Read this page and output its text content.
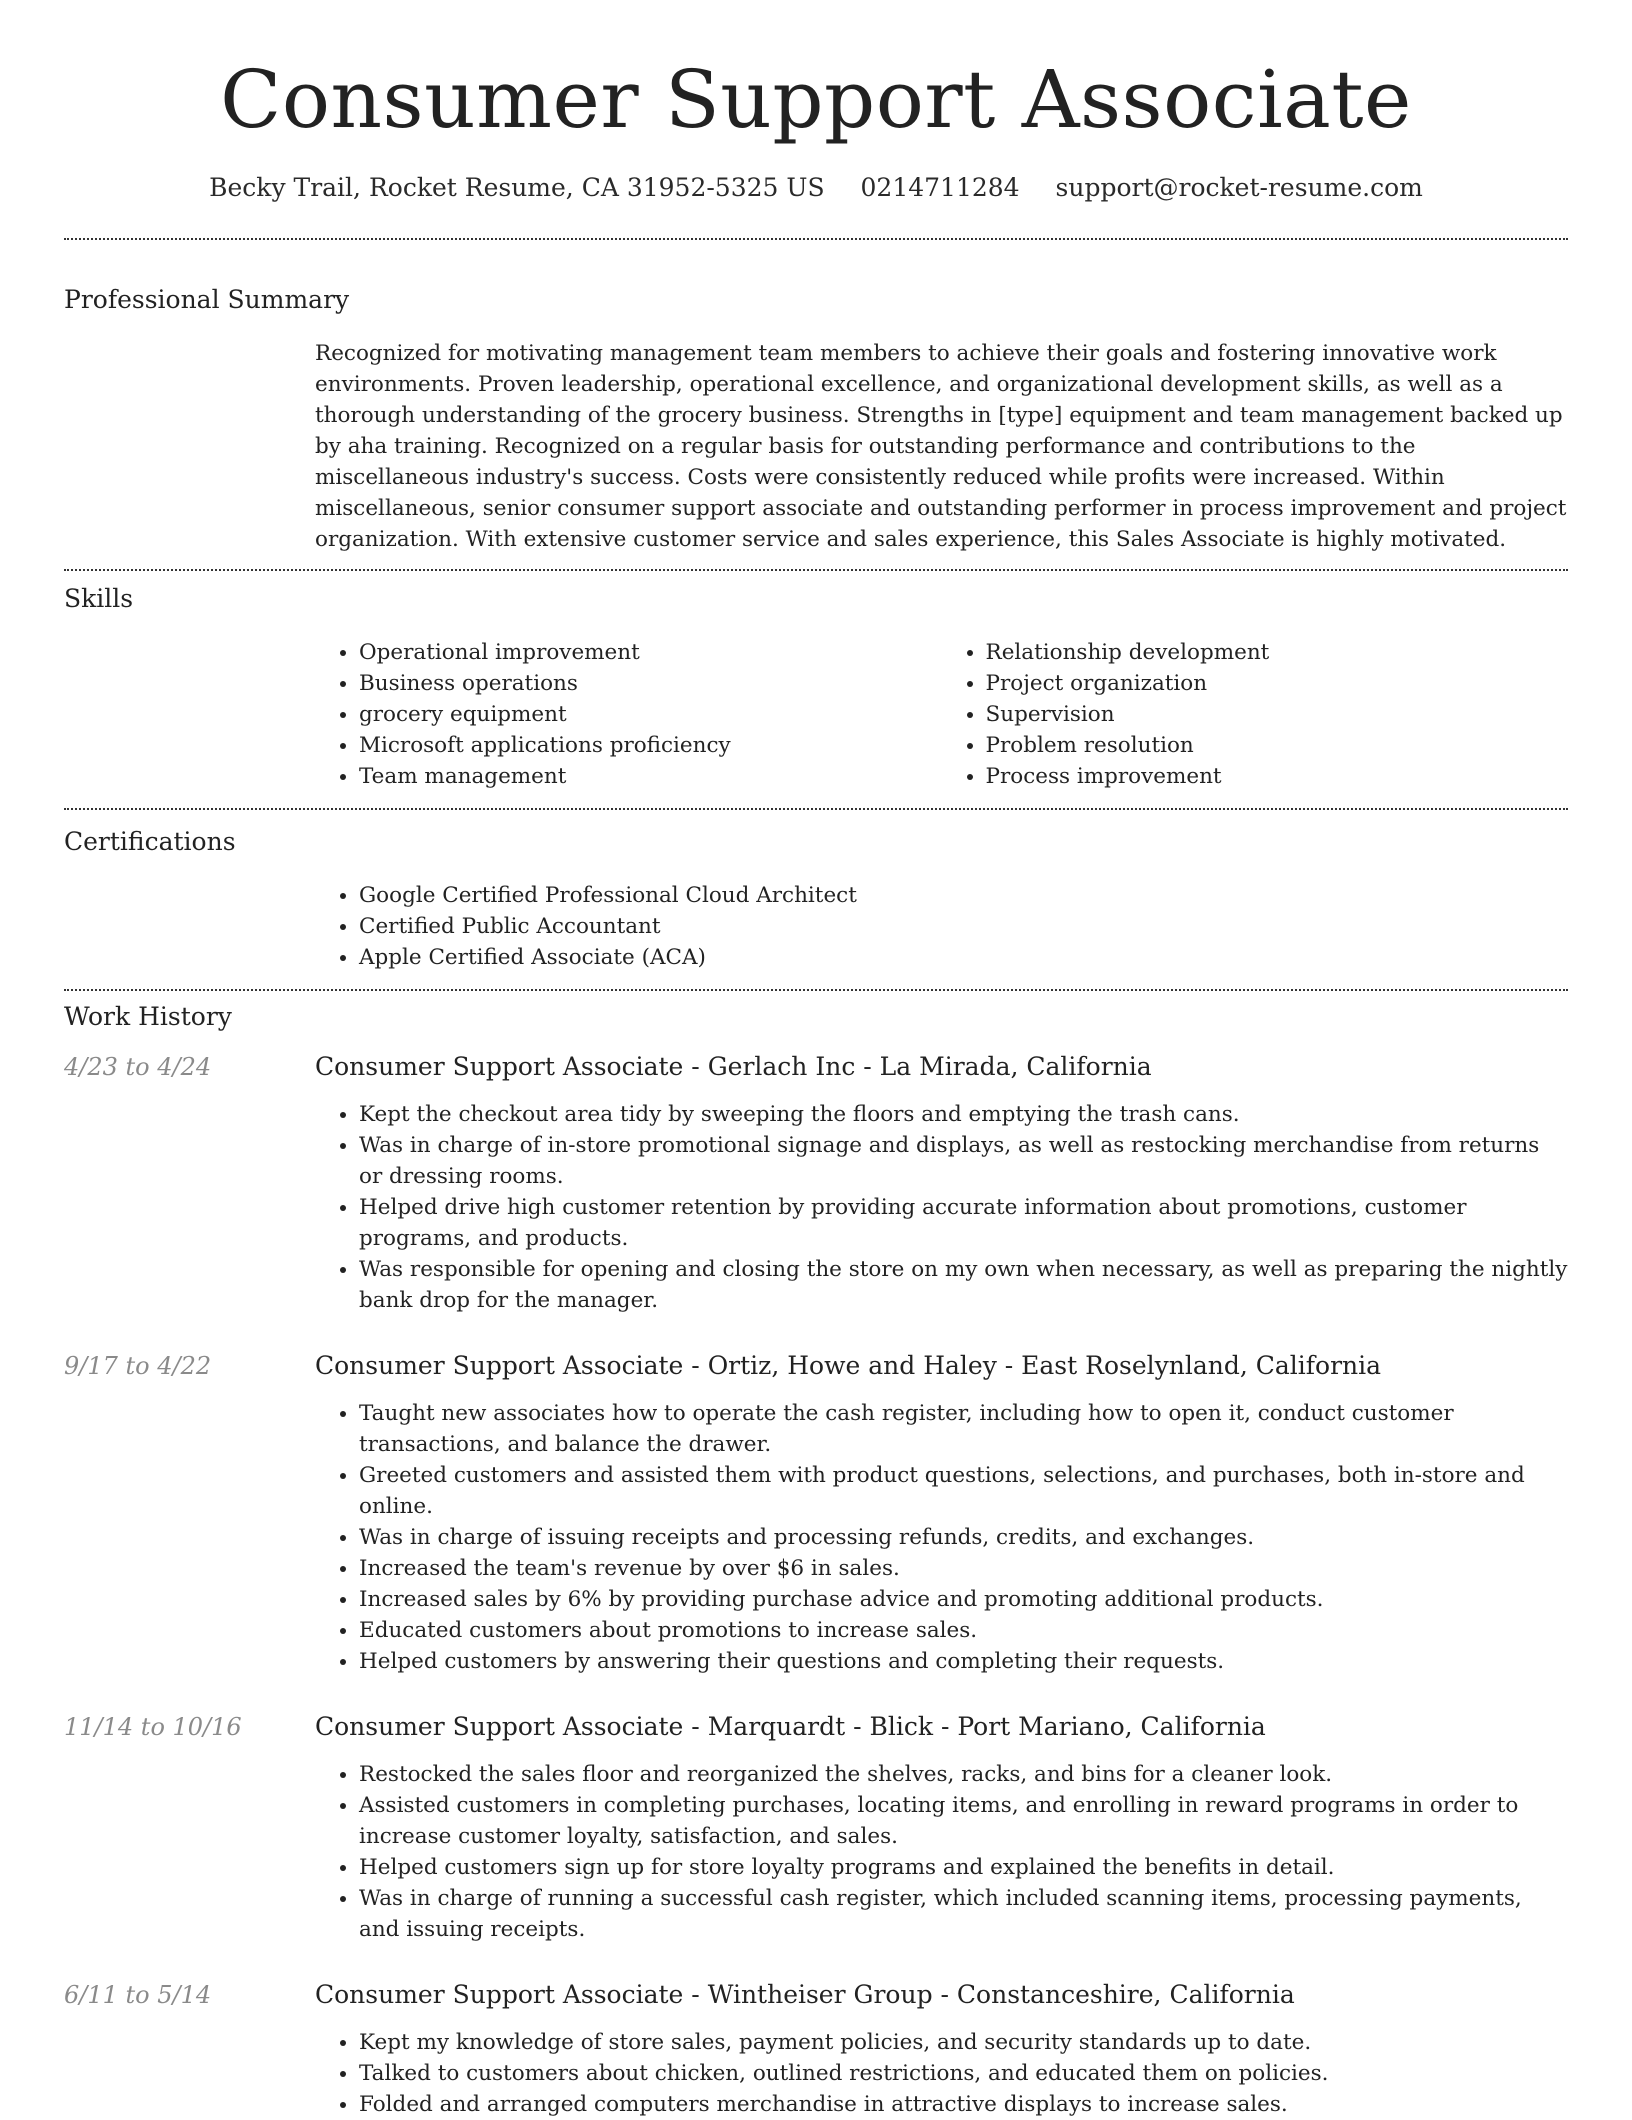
Consumer Support Associate
Becky Trail, Rocket Resume, CA 31952-5325 US 0214711284 support@rocket-resume.com
Professional Summary
Recognized for motivating management team members to achieve their goals and fostering innovative work environments. Proven leadership, operational excellence, and organizational development skills, as well as a thorough understanding of the grocery business. Strengths in [type] equipment and team management backed up by aha training. Recognized on a regular basis for outstanding performance and contributions to the miscellaneous industry's success. Costs were consistently reduced while profits were increased. Within miscellaneous, senior consumer support associate and outstanding performer in process improvement and project organization. With extensive customer service and sales experience, this Sales Associate is highly motivated.
Skills
• Operational improvement
• Business operations
• grocery equipment
• Microsoft applications proficiency
• Team management
• Relationship development
• Project organization
• Supervision
• Problem resolution
• Process improvement
Certifications
• Google Certified Professional Cloud Architect
• Certified Public Accountant
• Apple Certified Associate (ACA)
Work History
4/23 to 4/24	Consumer Support Associate - Gerlach Inc - La Mirada, California
• Kept the checkout area tidy by sweeping the floors and emptying the trash cans.
• Was in charge of in-store promotional signage and displays, as well as restocking merchandise from returns or dressing rooms.
• Helped drive high customer retention by providing accurate information about promotions, customer programs, and products.
• Was responsible for opening and closing the store on my own when necessary, as well as preparing the nightly bank drop for the manager.
9/17 to 4/22	Consumer Support Associate - Ortiz, Howe and Haley - East Roselynland, California
• Taught new associates how to operate the cash register, including how to open it, conduct customer transactions, and balance the drawer.
• Greeted customers and assisted them with product questions, selections, and purchases, both in-store and online.
• Was in charge of issuing receipts and processing refunds, credits, and exchanges.
• Increased the team's revenue by over $6 in sales.
• Increased sales by 6% by providing purchase advice and promoting additional products.
• Educated customers about promotions to increase sales.
• Helped customers by answering their questions and completing their requests.
11/14 to 10/16	Consumer Support Associate - Marquardt - Blick - Port Mariano, California
• Restocked the sales floor and reorganized the shelves, racks, and bins for a cleaner look.
• Assisted customers in completing purchases, locating items, and enrolling in reward programs in order to increase customer loyalty, satisfaction, and sales.
• Helped customers sign up for store loyalty programs and explained the benefits in detail.
• Was in charge of running a successful cash register, which included scanning items, processing payments, and issuing receipts.
6/11 to 5/14	Consumer Support Associate - Wintheiser Group - Constanceshire, California
• Kept my knowledge of store sales, payment policies, and security standards up to date.
• Talked to customers about chicken, outlined restrictions, and educated them on policies.
• Folded and arranged computers merchandise in attractive displays to increase sales.
